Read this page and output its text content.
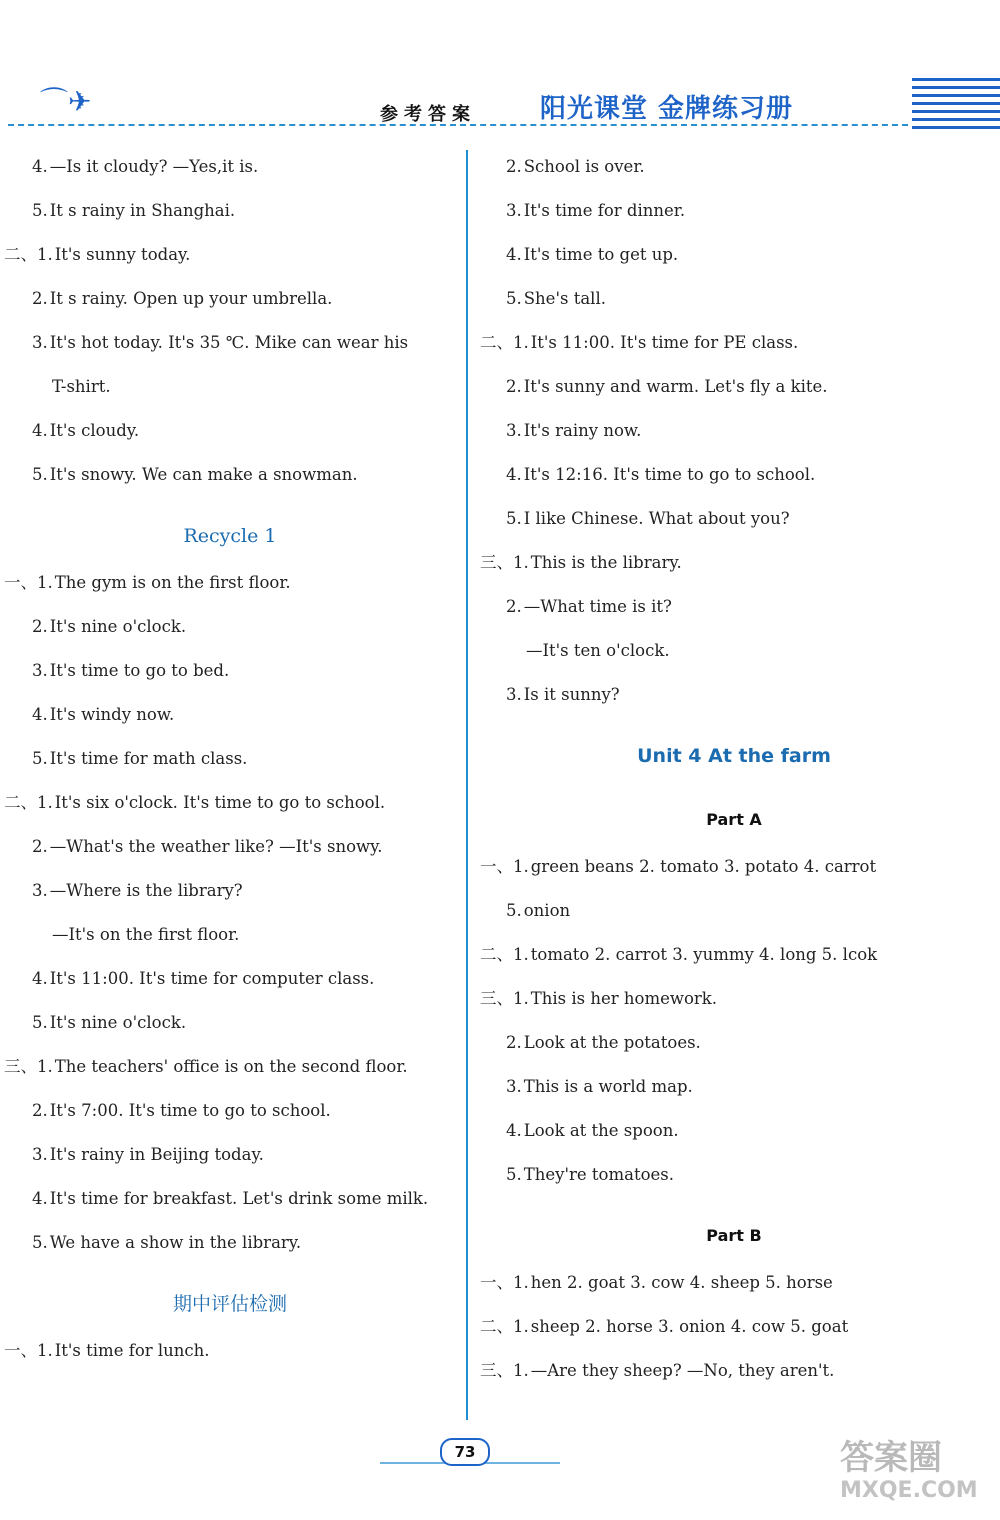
⌒✈	参考答案 阳光课堂 金牌练习册
4. —Is it cloudy? —Yes,it is.
5. It s rainy in Shanghai.
二、1. It's sunny today.
2. It s rainy. Open up your umbrella.
3. It's hot today. It's 35 ℃. Mike can wear his
T-shirt.
4. It's cloudy.
5. It's snowy. We can make a snowman.
Recycle 1
一、1. The gym is on the first floor.
2. It's nine o'clock.
3. It's time to go to bed.
4. It's windy now.
5. It's time for math class.
二、1. It's six o'clock. It's time to go to school.
2. —What's the weather like? —It's snowy.
3. —Where is the library?
—It's on the first floor.
4. It's 11:00. It's time for computer class.
5. It's nine o'clock.
三、1. The teachers' office is on the second floor.
2. It's 7:00. It's time to go to school.
3. It's rainy in Beijing today.
4. It's time for breakfast. Let's drink some milk.
5. We have a show in the library.
期中评估检测
一、1. It's time for lunch.
2. School is over.
3. It's time for dinner.
4. It's time to get up.
5. She's tall.
二、1. It's 11:00. It's time for PE class.
2. It's sunny and warm. Let's fly a kite.
3. It's rainy now.
4. It's 12:16. It's time to go to school.
5. I like Chinese. What about you?
三、1. This is the library.
2. —What time is it?
—It's ten o'clock.
3. Is it sunny?
Unit 4 At the farm
Part A
一、1. green beans 2. tomato 3. potato 4. carrot
5. onion
二、1. tomato 2. carrot 3. yummy 4. long 5. lcok
三、1. This is her homework.
2. Look at the potatoes.
3. This is a world map.
4. Look at the spoon.
5. They're tomatoes.
Part B
一、1. hen 2. goat 3. cow 4. sheep 5. horse
二、1. sheep 2. horse 3. onion 4. cow 5. goat
三、1. —Are they sheep? —No, they aren't.
73	答案圈
MXQE.COM
